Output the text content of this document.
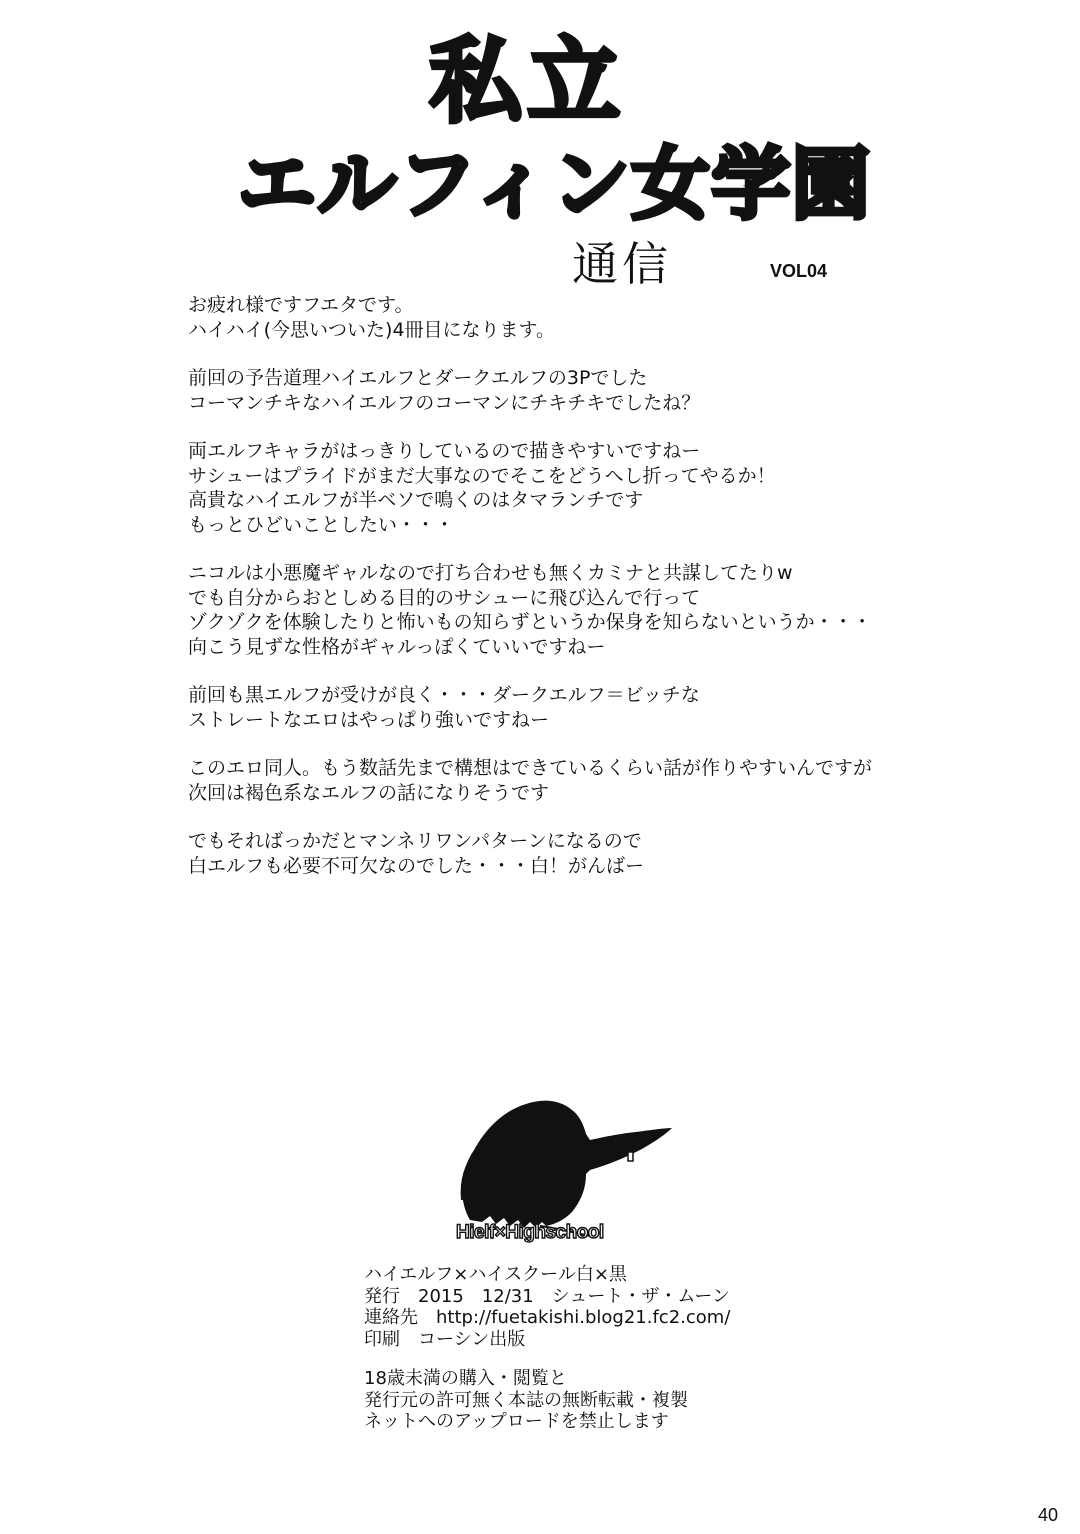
私立
エルフィン女学園
通信	VOL04

お疲れ様ですフエタです。
ハイハイ(今思いついた)4冊目になります。

前回の予告道理ハイエルフとダークエルフの3Pでした
コーマンチキなハイエルフのコーマンにチキチキでしたね？

両エルフキャラがはっきりしているので描きやすいですねー
サシューはプライドがまだ大事なのでそこをどうへし折ってやるか！
高貴なハイエルフが半ベソで鳴くのはタマランチです
もっとひどいことしたい・・・

ニコルは小悪魔ギャルなので打ち合わせも無くカミナと共謀してたりw
でも自分からおとしめる目的のサシューに飛び込んで行って
ゾクゾクを体験したりと怖いもの知らずというか保身を知らないというか・・・
向こう見ずな性格がギャルっぽくていいですねー

前回も黒エルフが受けが良く・・・ダークエルフ＝ビッチな
ストレートなエロはやっぱり強いですねー

このエロ同人。もう数話先まで構想はできているくらい話が作りやすいんですが
次回は褐色系なエルフの話になりそうです

でもそればっかだとマンネリワンパターンになるので
白エルフも必要不可欠なのでした・・・白！がんばー

Hielf×Highschool
ハイエルフ×ハイスクール白×黒
発行　2015　12/31　シュート・ザ・ムーン
連絡先　http://fuetakishi.blog21.fc2.com/
印刷　コーシン出版
18歳未満の購入・閲覧と
発行元の許可無く本誌の無断転載・複製
ネットへのアップロードを禁止します
40
